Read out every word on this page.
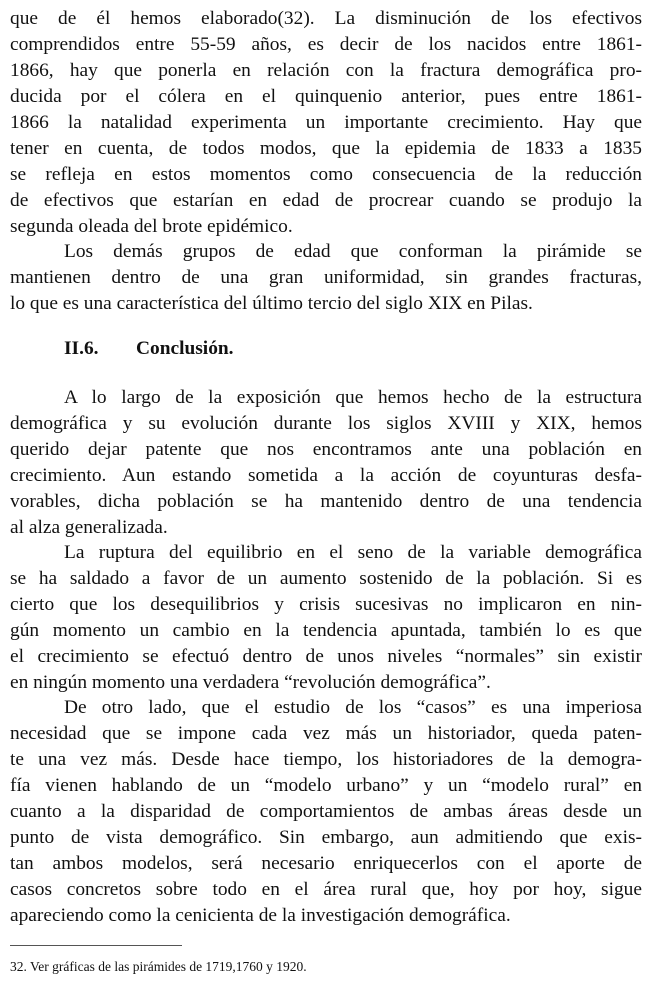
que de él hemos elaborado(32). La disminución de los efectivos
comprendidos entre 55-59 años, es decir de los nacidos entre 1861-
1866, hay que ponerla en relación con la fractura demográfica pro-
ducida por el cólera en el quinquenio anterior, pues entre 1861-
1866 la natalidad experimenta un importante crecimiento. Hay que
tener en cuenta, de todos modos, que la epidemia de 1833 a 1835
se refleja en estos momentos como consecuencia de la reducción
de efectivos que estarían en edad de procrear cuando se produjo la
segunda oleada del brote epidémico.
Los demás grupos de edad que conforman la pirámide se
mantienen dentro de una gran uniformidad, sin grandes fracturas,
lo que es una característica del último tercio del siglo XIX en Pilas.
II.6. Conclusión.
A lo largo de la exposición que hemos hecho de la estructura
demográfica y su evolución durante los siglos XVIII y XIX, hemos
querido dejar patente que nos encontramos ante una población en
crecimiento. Aun estando sometida a la acción de coyunturas desfa-
vorables, dicha población se ha mantenido dentro de una tendencia
al alza generalizada.
La ruptura del equilibrio en el seno de la variable demográfica
se ha saldado a favor de un aumento sostenido de la población. Si es
cierto que los desequilibrios y crisis sucesivas no implicaron en nin-
gún momento un cambio en la tendencia apuntada, también lo es que
el crecimiento se efectuó dentro de unos niveles “normales” sin existir
en ningún momento una verdadera “revolución demográfica”.
De otro lado, que el estudio de los “casos” es una imperiosa
necesidad que se impone cada vez más un historiador, queda paten-
te una vez más. Desde hace tiempo, los historiadores de la demogra-
fía vienen hablando de un “modelo urbano” y un “modelo rural” en
cuanto a la disparidad de comportamientos de ambas áreas desde un
punto de vista demográfico. Sin embargo, aun admitiendo que exis-
tan ambos modelos, será necesario enriquecerlos con el aporte de
casos concretos sobre todo en el área rural que, hoy por hoy, sigue
apareciendo como la cenicienta de la investigación demográfica.
32. Ver gráficas de las pirámides de 1719,1760 y 1920.
